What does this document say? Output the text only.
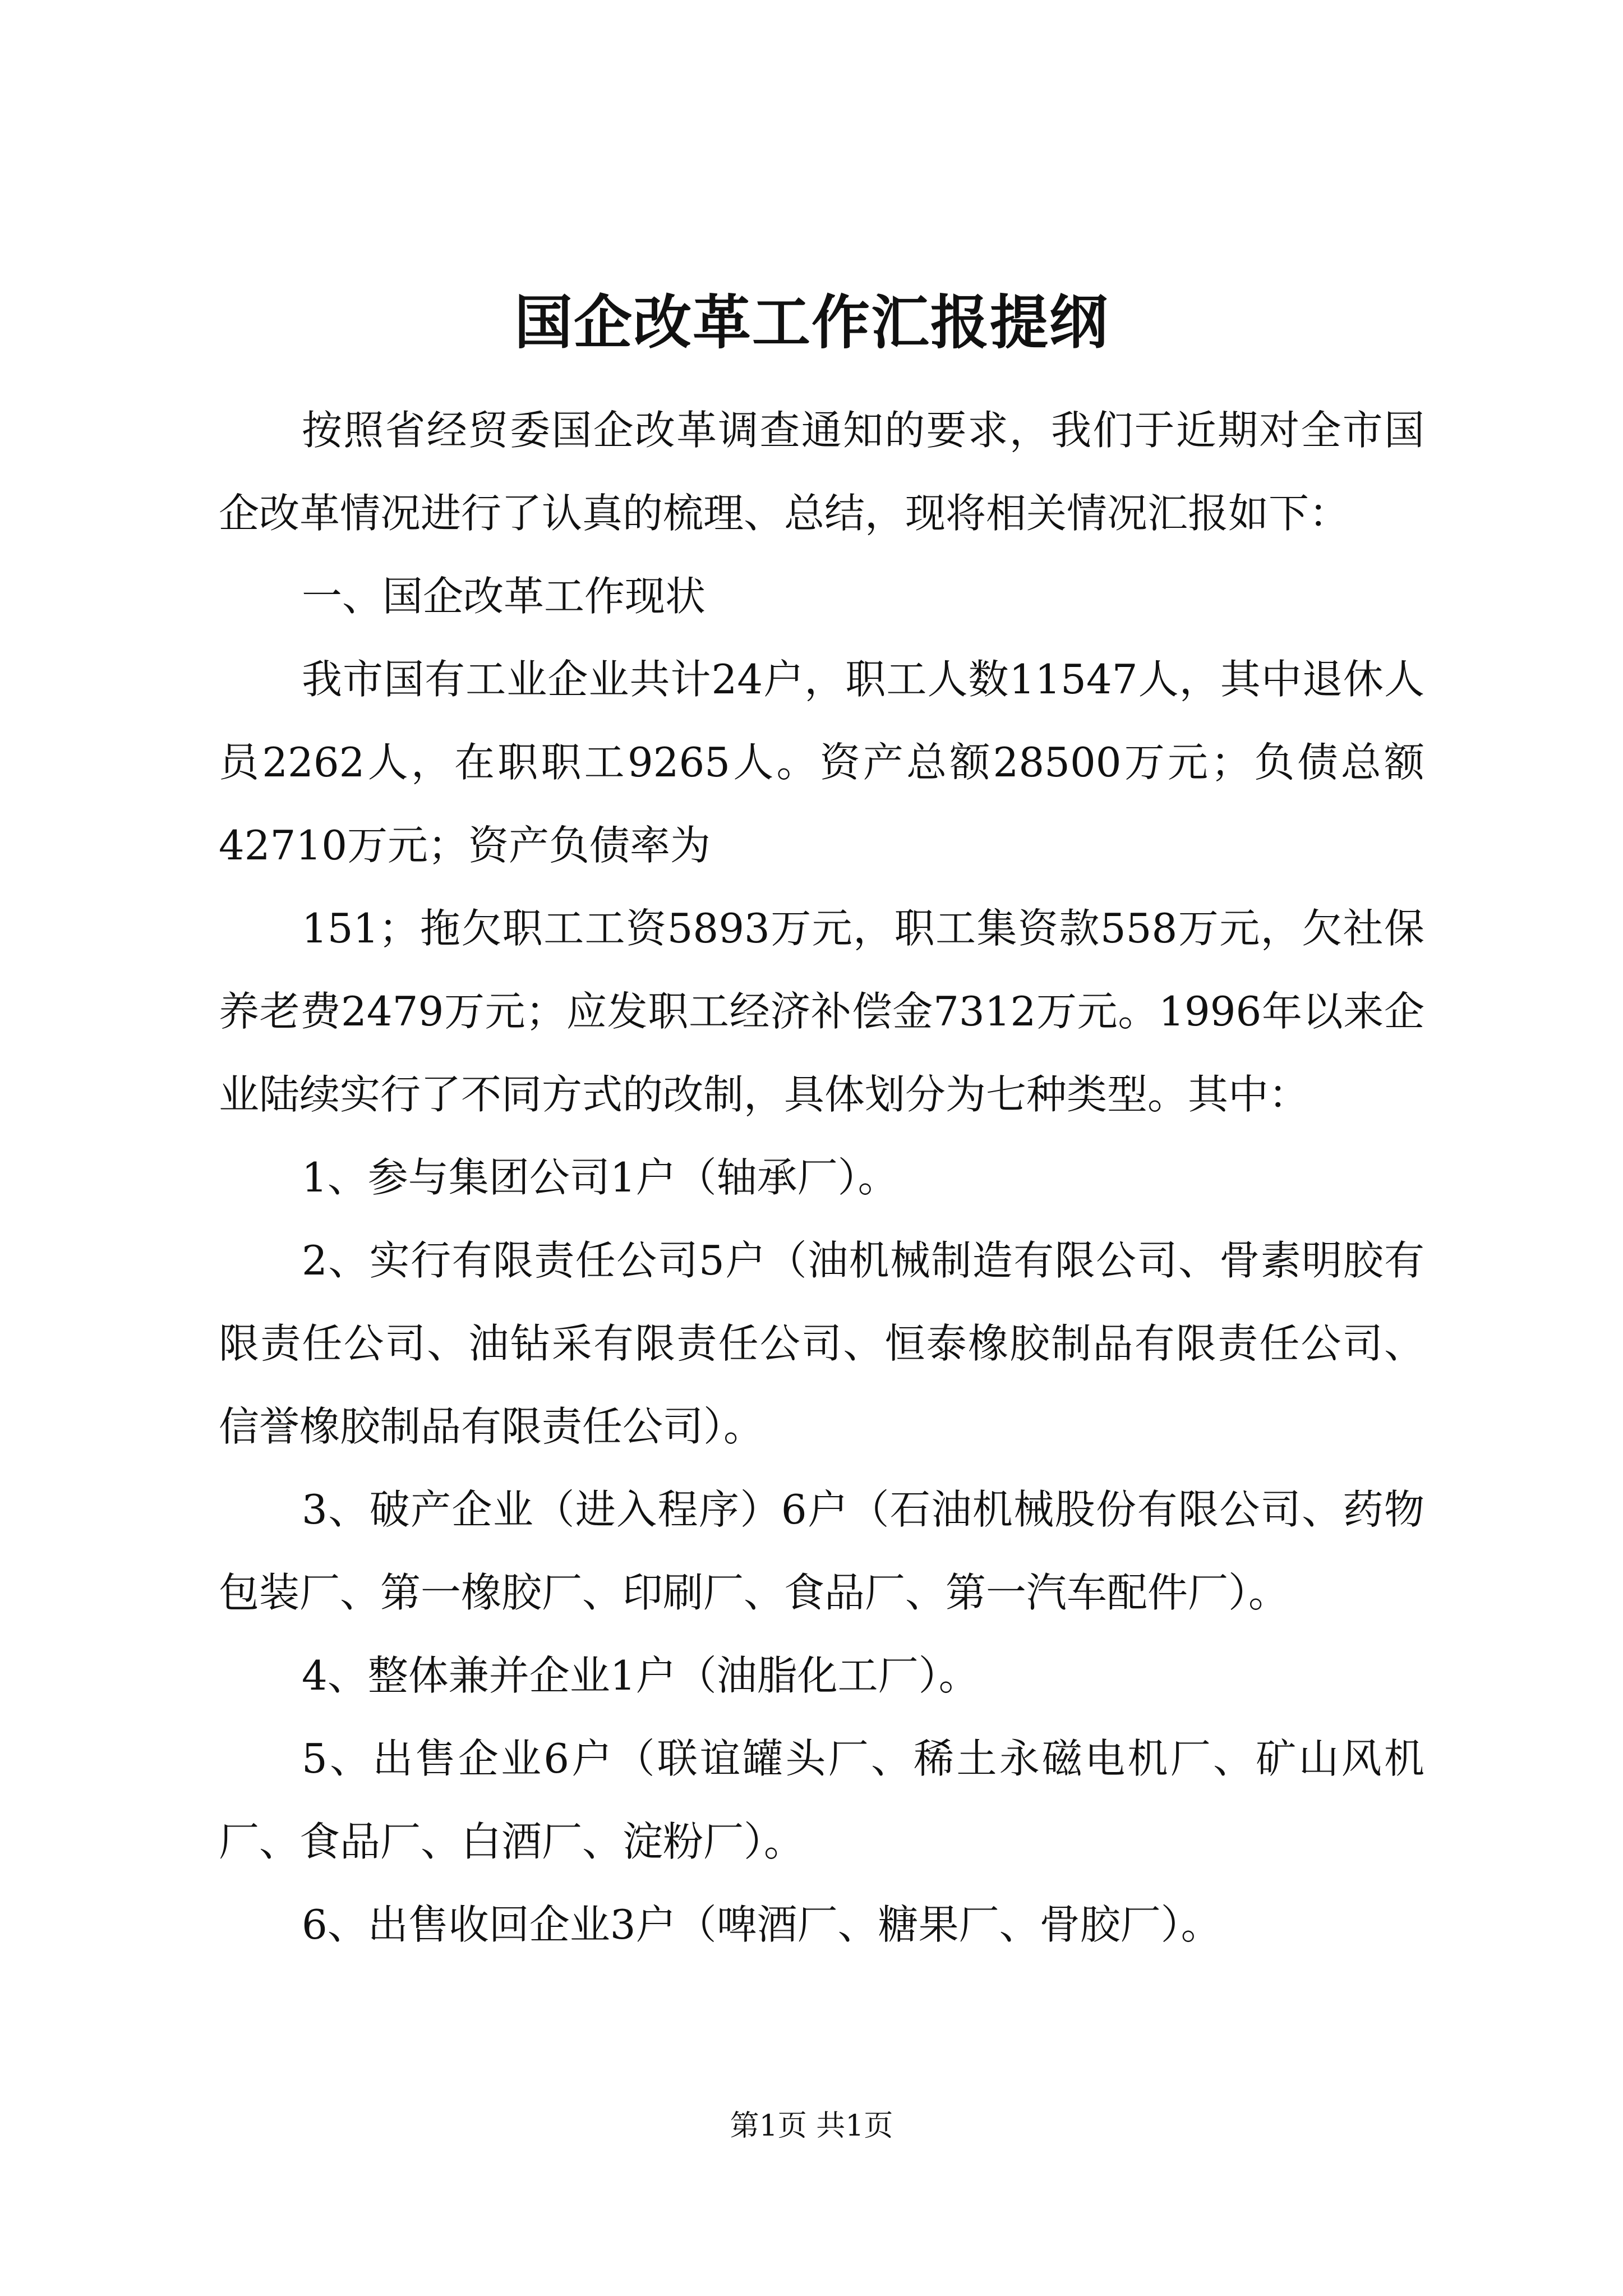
国企改革工作汇报提纲

按照省经贸委国企改革调查通知的要求，我们于近期对全市国企改革情况进行了认真的梳理、总结，现将相关情况汇报如下：

一、国企改革工作现状

我市国有工业企业共计24户，职工人数11547人，其中退休人员2262人，在职职工9265人。资产总额28500万元；负债总额42710万元；资产负债率为

151；拖欠职工工资5893万元，职工集资款558万元，欠社保养老费2479万元；应发职工经济补偿金7312万元。1996年以来企业陆续实行了不同方式的改制，具体划分为七种类型。其中：

1、参与集团公司1户（轴承厂）。

2、实行有限责任公司5户（油机械制造有限公司、骨素明胶有限责任公司、油钻采有限责任公司、恒泰橡胶制品有限责任公司、信誉橡胶制品有限责任公司）。

3、破产企业（进入程序）6户（石油机械股份有限公司、药物包装厂、第一橡胶厂、印刷厂、食品厂、第一汽车配件厂）。

4、整体兼并企业1户（油脂化工厂）。

5、出售企业6户（联谊罐头厂、稀土永磁电机厂、矿山风机厂、食品厂、白酒厂、淀粉厂）。

6、出售收回企业3户（啤酒厂、糖果厂、骨胶厂）。

第1页 共1页
